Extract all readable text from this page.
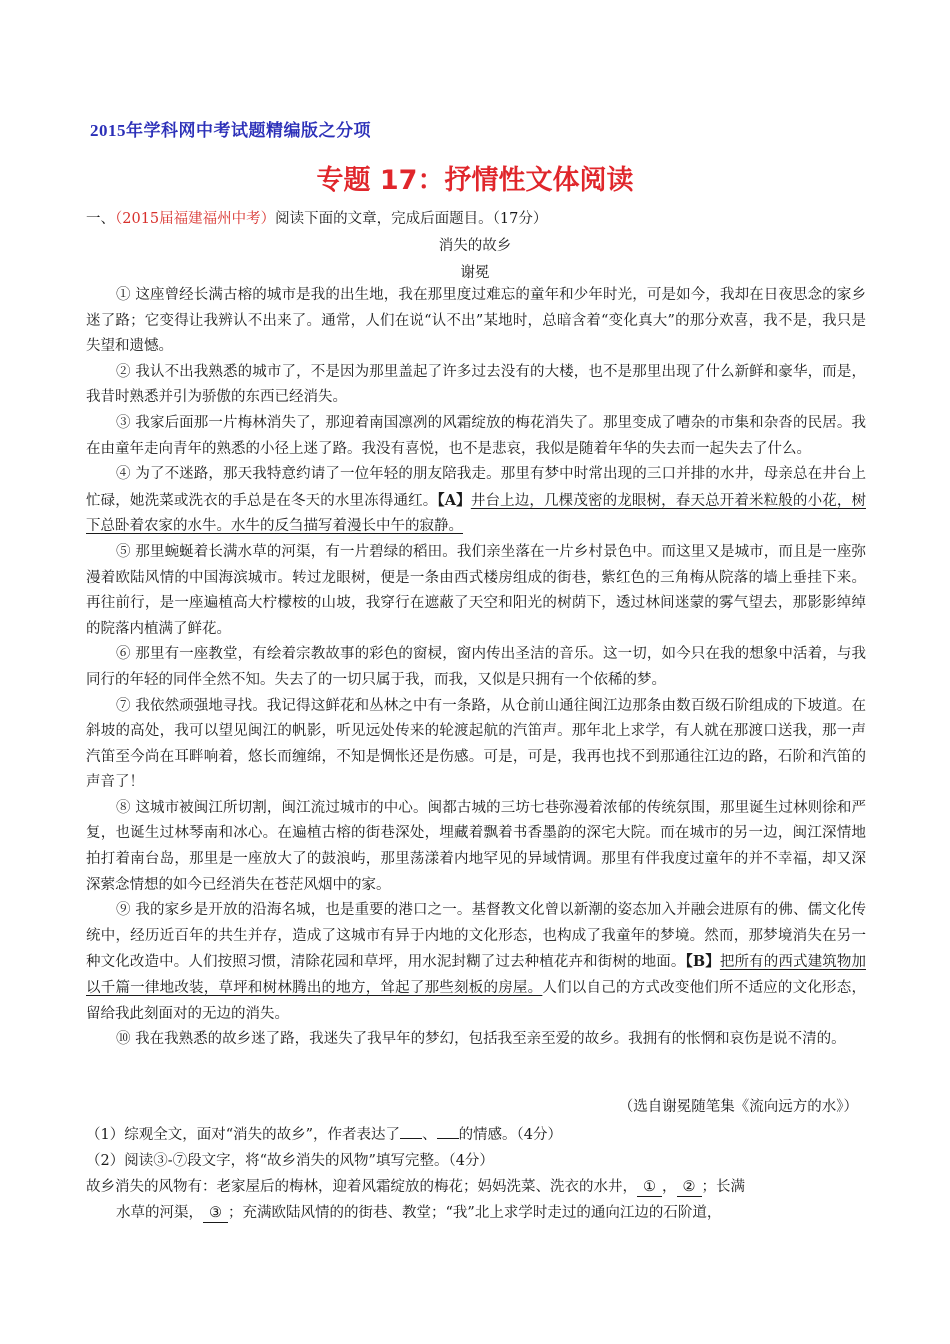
2015年学科网中考试题精编版之分项
专题 17：抒情性文体阅读
一、（2015届福建福州中考）阅读下面的文章，完成后面题目。（17分）
消失的故乡
谢冕

① 这座曾经长满古榕的城市是我的出生地，我在那里度过难忘的童年和少年时光，可是如今，我却在日夜思念的家乡迷了路；它变得让我辨认不出来了。通常，人们在说“认不出”某地时，总暗含着“变化真大”的那分欢喜，我不是，我只是失望和遗憾。

② 我认不出我熟悉的城市了，不是因为那里盖起了许多过去没有的大楼，也不是那里出现了什么新鲜和豪华，而是，我昔时熟悉并引为骄傲的东西已经消失。

③ 我家后面那一片梅林消失了，那迎着南国凛冽的风霜绽放的梅花消失了。那里变成了嘈杂的市集和杂沓的民居。我在由童年走向青年的熟悉的小径上迷了路。我没有喜悦，也不是悲哀，我似是随着年华的失去而一起失去了什么。

④ 为了不迷路，那天我特意约请了一位年轻的朋友陪我走。那里有梦中时常出现的三口并排的水井，母亲总在井台上忙碌，她洗菜或洗衣的手总是在冬天的水里冻得通红。【A】井台上边，几棵茂密的龙眼树，春天总开着米粒般的小花，树下总卧着农家的水牛。水牛的反刍描写着漫长中午的寂静。

⑤ 那里蜿蜒着长满水草的河渠，有一片碧绿的稻田。我们亲坐落在一片乡村景色中。而这里又是城市，而且是一座弥漫着欧陆风情的中国海滨城市。转过龙眼树，便是一条由西式楼房组成的街巷，紫红色的三角梅从院落的墙上垂挂下来。再往前行，是一座遍植高大柠檬桉的山坡，我穿行在遮蔽了天空和阳光的树荫下，透过林间迷蒙的雾气望去，那影影绰绰的院落内植满了鲜花。

⑥ 那里有一座教堂，有绘着宗教故事的彩色的窗棂，窗内传出圣洁的音乐。这一切，如今只在我的想象中活着，与我同行的年轻的同伴全然不知。失去了的一切只属于我，而我，又似是只拥有一个依稀的梦。

⑦ 我依然顽强地寻找。我记得这鲜花和丛林之中有一条路，从仓前山通往闽江边那条由数百级石阶组成的下坡道。在斜坡的高处，我可以望见闽江的帆影，听见远处传来的轮渡起航的汽笛声。那年北上求学，有人就在那渡口送我，那一声汽笛至今尚在耳畔响着，悠长而缠绵，不知是惆怅还是伤感。可是，可是，我再也找不到那通往江边的路，石阶和汽笛的声音了！

⑧ 这城市被闽江所切割，闽江流过城市的中心。闽都古城的三坊七巷弥漫着浓郁的传统氛围，那里诞生过林则徐和严复，也诞生过林琴南和冰心。在遍植古榕的街巷深处，埋藏着飘着书香墨韵的深宅大院。而在城市的另一边，闽江深情地拍打着南台岛，那里是一座放大了的鼓浪屿，那里荡漾着内地罕见的异域情调。那里有伴我度过童年的并不幸福，却又深深萦念情想的如今已经消失在苍茫风烟中的家。

⑨ 我的家乡是开放的沿海名城，也是重要的港口之一。基督教文化曾以新潮的姿态加入并融会进原有的佛、儒文化传统中，经历近百年的共生并存，造成了这城市有异于内地的文化形态，也构成了我童年的梦境。然而，那梦境消失在另一种文化改造中。人们按照习惯，清除花园和草坪，用水泥封糊了过去种植花卉和街树的地面。【B】把所有的西式建筑物加以千篇一律地改装，草坪和树林腾出的地方，耸起了那些刻板的房屋。人们以自己的方式改变他们所不适应的文化形态，留给我此刻面对的无边的消失。

⑩ 我在我熟悉的故乡迷了路，我迷失了我早年的梦幻，包括我至亲至爱的故乡。我拥有的怅惘和哀伤是说不清的。

（选自谢冕随笔集《流向远方的水》）

（1）综观全文，面对“消失的故乡”，作者表达了 、 的情感。（4分）

（2）阅读③-⑦段文字，将“故乡消失的风物”填写完整。（4分）

故乡消失的风物有：老家屋后的梅林，迎着风霜绽放的梅花；妈妈洗菜、洗衣的水井， ① ， ② ；长满

水草的河渠， ③ ；充满欧陆风情的的街巷、教堂；“我”北上求学时走过的通向江边的石阶道，
